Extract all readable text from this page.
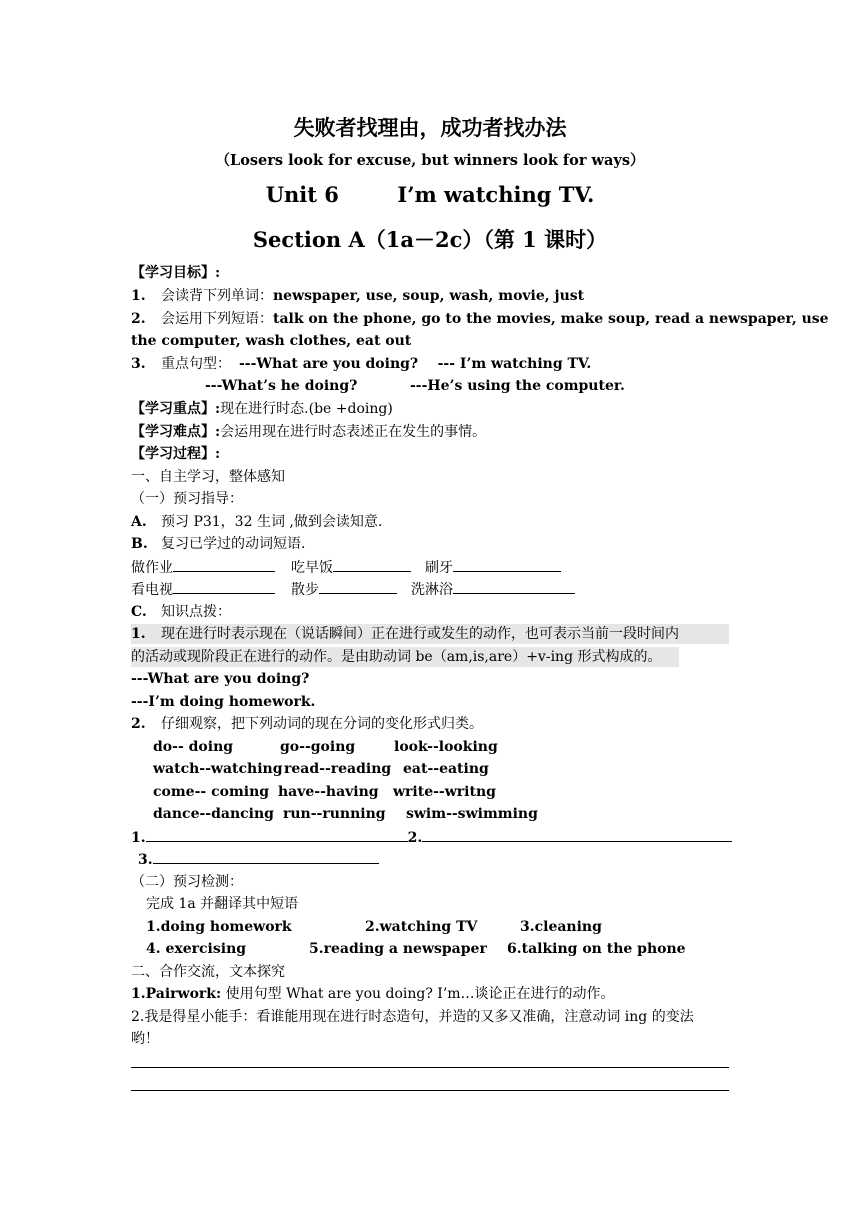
失败者找理由，成功者找办法
（Losers look for excuse, but winners look for ways）
Unit 6        I’m watching TV.
Section A（1a－2c）（第 1 课时）
【学习目标】:
1. 会读背下列单词：newspaper, use, soup, wash, movie, just
2. 会运用下列短语：talk on the phone, go to the movies, make soup, read a newspaper, use
the computer, wash clothes, eat out
3. 重点句型： ---What are you doing?    --- I’m watching TV.
---What’s he doing?	---He’s using the computer.
【学习重点】:现在进行时态.(be +doing)
【学习难点】:会运用现在进行时态表述正在发生的事情。
【学习过程】:
一、自主学习，整体感知
（一）预习指导：
A. 预习 P31，32 生词 ,做到会读知意.
B. 复习已学过的动词短语.
做作业	吃早饭	刷牙
看电视	散步	洗淋浴
C. 知识点拨：
1. 现在进行时表示现在（说话瞬间）正在进行或发生的动作，也可表示当前一段时间内
的活动或现阶段正在进行的动作。是由助动词 be（am,is,are）+v-ing 形式构成的。
---What are you doing?
---I’m doing homework.
2. 仔细观察，把下列动词的现在分词的变化形式归类。
do-- doing	go--going	look--looking
watch--watching read--reading eat--eating
come-- coming have--having write--writng
dance--dancing run--running swim--swimming
1.	2.
3.
（二）预习检测：
完成 1a 并翻译其中短语
1.doing homework	2.watching TV	3.cleaning
4. exercising	5.reading a newspaper 6.talking on the phone
二、合作交流，文本探究
1.Pairwork: 使用句型 What are you doing? I’m…谈论正在进行的动作。
2.我是得星小能手：看谁能用现在进行时态造句，并造的又多又准确，注意动词 ing 的变法
哟！
